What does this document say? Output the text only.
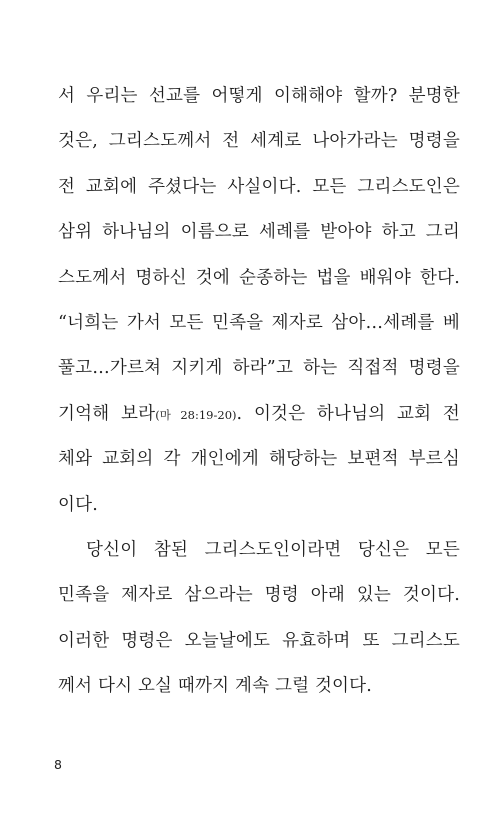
서 우리는 선교를 어떻게 이해해야 할까? 분명한
것은, 그리스도께서 전 세계로 나아가라는 명령을
전 교회에 주셨다는 사실이다. 모든 그리스도인은
삼위 하나님의 이름으로 세례를 받아야 하고 그리
스도께서 명하신 것에 순종하는 법을 배워야 한다.
“너희는 가서 모든 민족을 제자로 삼아…세례를 베
풀고…가르쳐 지키게 하라”고 하는 직접적 명령을
기억해 보라(마 28:19-20). 이것은 하나님의 교회 전
체와 교회의 각 개인에게 해당하는 보편적 부르심
이다.
당신이 참된 그리스도인이라면 당신은 모든
민족을 제자로 삼으라는 명령 아래 있는 것이다.
이러한 명령은 오늘날에도 유효하며 또 그리스도
께서 다시 오실 때까지 계속 그럴 것이다.
8
